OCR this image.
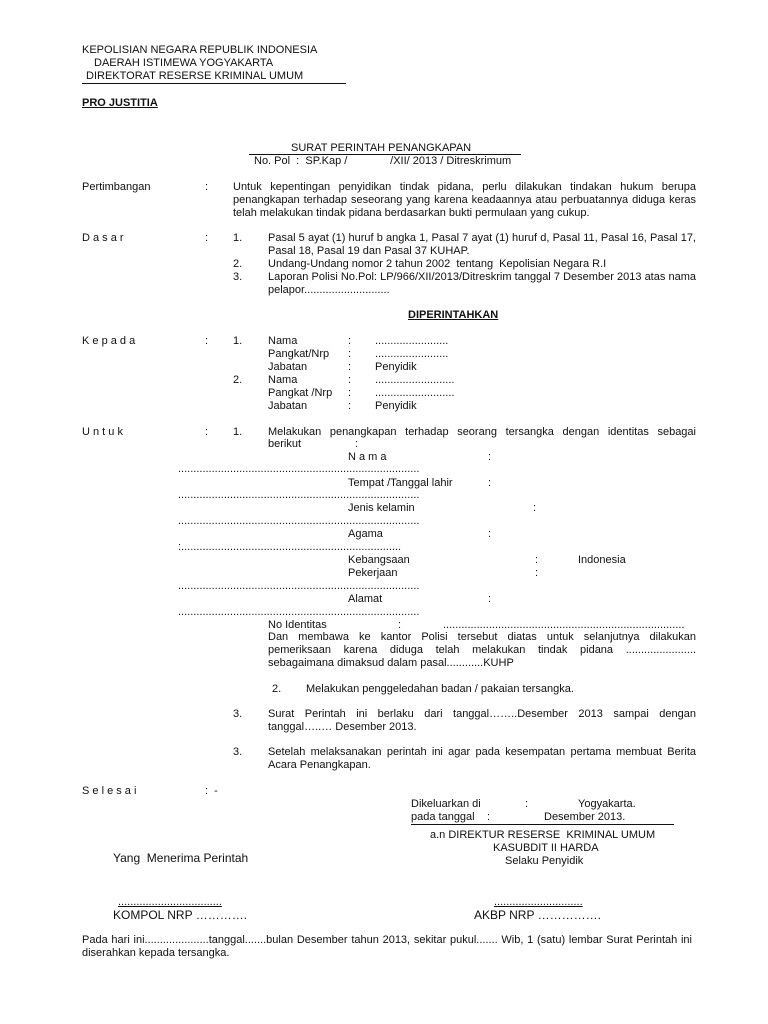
KEPOLISIAN NEGARA REPUBLIK INDONESIA
DAERAH ISTIMEWA YOGYAKARTA
DIREKTORAT RESERSE KRIMINAL UMUM
PRO JUSTITIA
SURAT PERINTAH PENANGKAPAN
No. Pol  :  SP.Kap /              /XII/ 2013 / Ditreskrimum
Pertimbangan	: Untuk kepentingan penyidikan tindak pidana, perlu dilakukan tindakan hukum berupa penangkapan terhadap seseorang yang karena keadaannya atau perbuatannya diduga keras telah melakukan tindak pidana berdasarkan bukti permulaan yang cukup.
D a s a r	: 1. Pasal 5 ayat (1) huruf b angka 1, Pasal 7 ayat (1) huruf d, Pasal 11, Pasal 16, Pasal 17, Pasal 18, Pasal 19 dan Pasal 37 KUHAP.
2. Undang-Undang nomor 2 tahun 2002  tentang  Kepolisian Negara R.I
3. Laporan Polisi No.Pol: LP/966/XII/2013/Ditreskrim tanggal 7 Desember 2013 atas nama pelapor............................
DIPERINTAHKAN
K e p a d a	: 1. Nama	: ........................
Pangkat/Nrp : ........................
Jabatan	: Penyidik
2. Nama	: ..........................
Pangkat /Nrp : ..........................
Jabatan	: Penyidik
U n t u k	: 1. Melakukan penangkapan terhadap seorang tersangka dengan identitas sebagai
berikut	:
N a m a	:
...............................................................................
Tempat /Tanggal lahir	:
...............................................................................
Jenis kelamin	:
...............................................................................
Agama	:
:........................................................................
Kebangsaan	:	Indonesia
Pekerjaan	:
...............................................................................
Alamat	:
...............................................................................
No Identitas	:	...............................................................................
Dan membawa ke kantor Polisi tersebut diatas untuk selanjutnya dilakukan pemeriksaan karena diduga telah melakukan tindak pidana ....................... sebagaimana dimaksud dalam pasal............KUHP
2. Melakukan penggeledahan badan / pakaian tersangka.
3. Surat Perintah ini berlaku dari tanggal……..Desember 2013 sampai dengan tanggal…..… Desember 2013.
3. Setelah melaksanakan perintah ini agar pada kesempatan pertama membuat Berita Acara Penangkapan.
S e l e s a i	:  -
Dikeluarkan di	:	Yogyakarta.
pada tanggal :	Desember 2013.
a.n DIREKTUR RESERSE  KRIMINAL UMUM
KASUBDIT II HARDA
Selaku Penyidik
.............................
AKBP NRP …………….
Yang  Menerima Perintah
..................................
KOMPOL NRP ………….
Pada hari ini.....................tanggal.......bulan Desember tahun 2013, sekitar pukul....... Wib, 1 (satu) lembar Surat Perintah ini diserahkan kepada tersangka.
